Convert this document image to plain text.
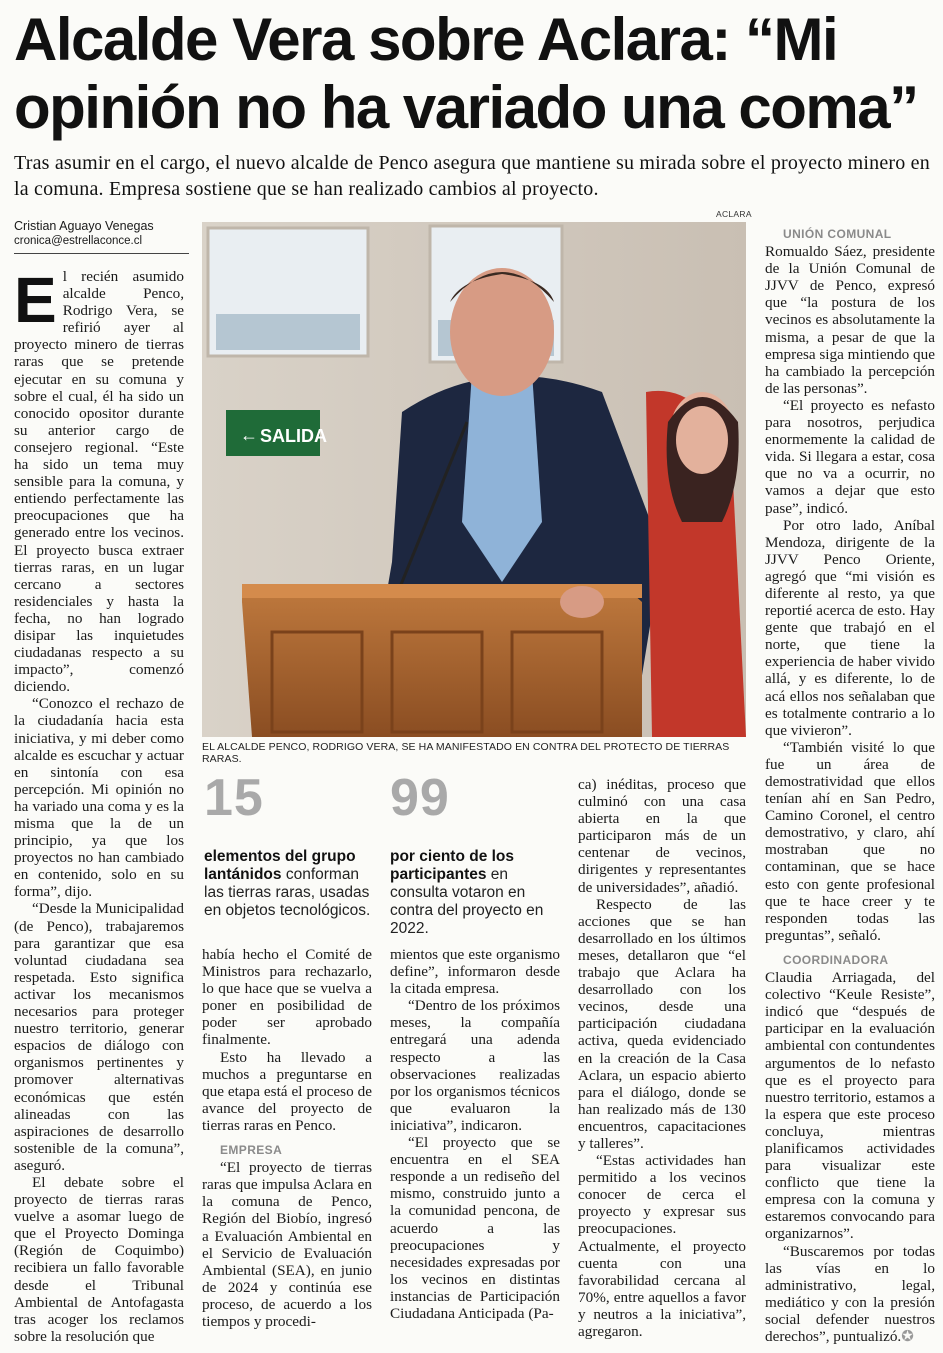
Alcalde Vera sobre Aclara: “Mi opinión no ha variado una coma”

Tras asumir en el cargo, el nuevo alcalde de Penco asegura que mantiene su mirada sobre el proyecto minero en la comuna. Empresa sostiene que se han realizado cambios al proyecto.

Cristian Aguayo Venegas
cronica@estrellaconce.cl

El recién asumido alcalde Penco, Rodrigo Vera, se refirió ayer al proyecto minero de tierras raras que se pretende ejecutar en su comuna y sobre el cual, él ha sido un conocido opositor durante su anterior cargo de consejero regional. “Este ha sido un tema muy sensible para la comuna, y entiendo perfectamente las preocupaciones que ha generado entre los vecinos. El proyecto busca extraer tierras raras, en un lugar cercano a sectores residenciales y hasta la fecha, no han logrado disipar las inquietudes ciudadanas respecto a su impacto”, comenzó diciendo.

“Conozco el rechazo de la ciudadanía hacia esta iniciativa, y mi deber como alcalde es escuchar y actuar en sintonía con esa percepción. Mi opinión no ha variado una coma y es la misma que la de un principio, ya que los proyectos no han cambiado en contenido, solo en su forma”, dijo.

“Desde la Municipalidad (de Penco), trabajaremos para garantizar que esa voluntad ciudadana sea respetada. Esto significa activar los mecanismos necesarios para proteger nuestro territorio, generar espacios de diálogo con organismos pertinentes y promover alternativas económicas que estén alineadas con las aspiraciones de desarrollo sostenible de la comuna”, aseguró.

El debate sobre el proyecto de tierras raras vuelve a asomar luego de que el Proyecto Dominga (Región de Coquimbo) recibiera un fallo favorable desde el Tribunal Ambiental de Antofagasta tras acoger los reclamos sobre la resolución que

ACLARA
← SALIDA
EL ALCALDE PENCO, RODRIGO VERA, SE HA MANIFESTADO EN CONTRA DEL PROTECTO DE TIERRAS RARAS.
15
elementos del grupo lantánidos conforman las tierras raras, usadas en objetos tecnológicos.
99
por ciento de los participantes en consulta votaron en contra del proyecto en 2022.

había hecho el Comité de Ministros para rechazarlo, lo que hace que se vuelva a poner en posibilidad de poder ser aprobado finalmente.

Esto ha llevado a muchos a preguntarse en que etapa está el proceso de avance del proyecto de tierras raras en Penco.

EMPRESA

“El proyecto de tierras raras que impulsa Aclara en la comuna de Penco, Región del Biobío, ingresó a Evaluación Ambiental en el Servicio de Evaluación Ambiental (SEA), en junio de 2024 y continúa ese proceso, de acuerdo a los tiempos y procedi-

mientos que este organismo define”, informaron desde la citada empresa.

“Dentro de los próximos meses, la compañía entregará una adenda respecto a las observaciones realizadas por los organismos técnicos que evaluaron la iniciativa”, indicaron.

“El proyecto que se encuentra en el SEA responde a un rediseño del mismo, construido junto a la comunidad penconа, de acuerdo a las preocupaciones y necesidades expresadas por los vecinos en distintas instancias de Participación Ciudadana Anticipada (Pa-

ca) inéditas, proceso que culminó con una casa abierta en la que participaron más de un centenar de vecinos, dirigentes y representantes de universidades”, añadió.

Respecto de las acciones que se han desarrollado en los últimos meses, detallaron que “el trabajo que Aclara ha desarrollado con los vecinos, desde una participación ciudadana activa, queda evidenciado en la creación de la Casa Aclara, un espacio abierto para el diálogo, donde se han realizado más de 130 encuentros, capacitaciones y talleres”.

“Estas actividades han permitido a los vecinos conocer de cerca el proyecto y expresar sus preocupaciones. Actualmente, el proyecto cuenta con una favorabilidad cercana al 70%, entre aquellos a favor y neutros a la iniciativa”, agregaron.

UNIÓN COMUNAL

Romualdo Sáez, presidente de la Unión Comunal de JJVV de Penco, expresó que “la postura de los vecinos es absolutamente la misma, a pesar de que la empresa siga mintiendo que ha cambiado la percepción de las personas”.

“El proyecto es nefasto para nosotros, perjudica enormemente la calidad de vida. Si llegara a estar, cosa que no va a ocurrir, no vamos a dejar que esto pase”, indicó.

Por otro lado, Aníbal Mendoza, dirigente de la JJVV Penco Oriente, agregó que “mi visión es diferente al resto, ya que reportié acerca de esto. Hay gente que trabajó en el norte, que tiene la experiencia de haber vivido allá, y es diferente, lo de acá ellos nos señalaban que es totalmente contrario a lo que vivieron”.

“También visité lo que fue un área de demostratividad que ellos tenían ahí en San Pedro, Camino Coronel, el centro demostrativo, y claro, ahí mostraban que no contaminan, que se hace esto con gente profesional que te hace creer y te responden todas las preguntas”, señaló.

COORDINADORA

Claudia Arriagada, del colectivo “Keule Resiste”, indicó que “después de participar en la evaluación ambiental con contundentes argumentos de lo nefasto que es el proyecto para nuestro territorio, estamos a la espera que este proceso concluya, mientras planificamos actividades para visualizar este conflicto que tiene la empresa con la comuna y estaremos convocando para organizarnos”.

“Buscaremos por todas las vías en lo administrativo, legal, mediático y con la presión social defender nuestros derechos”, puntualizó.✪
